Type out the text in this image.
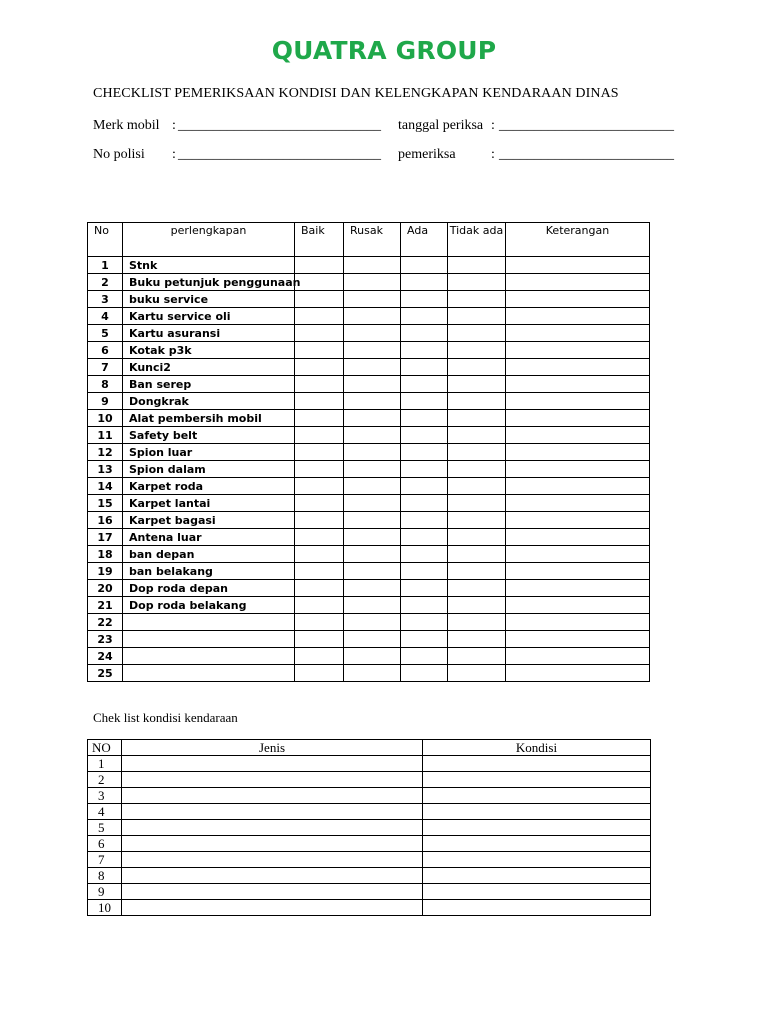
QUATRA GROUP
CHECKLIST PEMERIKSAAN KONDISI DAN KELENGKAPAN KENDARAAN DINAS
Merk mobil : _____________________________ tanggal periksa : _________________________
No polisi : _____________________________ pemeriksa	: _________________________
No	perlengkapan	Baik	Rusak	Ada	Tidak ada	Keterangan
1	Stnk					
2	Buku petunjuk penggunaan					
3	buku service					
4	Kartu service oli					
5	Kartu asuransi					
6	Kotak p3k					
7	Kunci2					
8	Ban serep					
9	Dongkrak					
10	Alat pembersih mobil					
11	Safety belt					
12	Spion luar					
13	Spion dalam					
14	Karpet roda					
15	Karpet lantai					
16	Karpet bagasi					
17	Antena luar					
18	ban depan					
19	ban belakang					
20	Dop roda depan					
21	Dop roda belakang					
22						
23						
24						
25						
Chek list kondisi kendaraan
NO	Jenis	Kondisi
1		
2		
3		
4		
5		
6		
7		
8		
9		
10		
